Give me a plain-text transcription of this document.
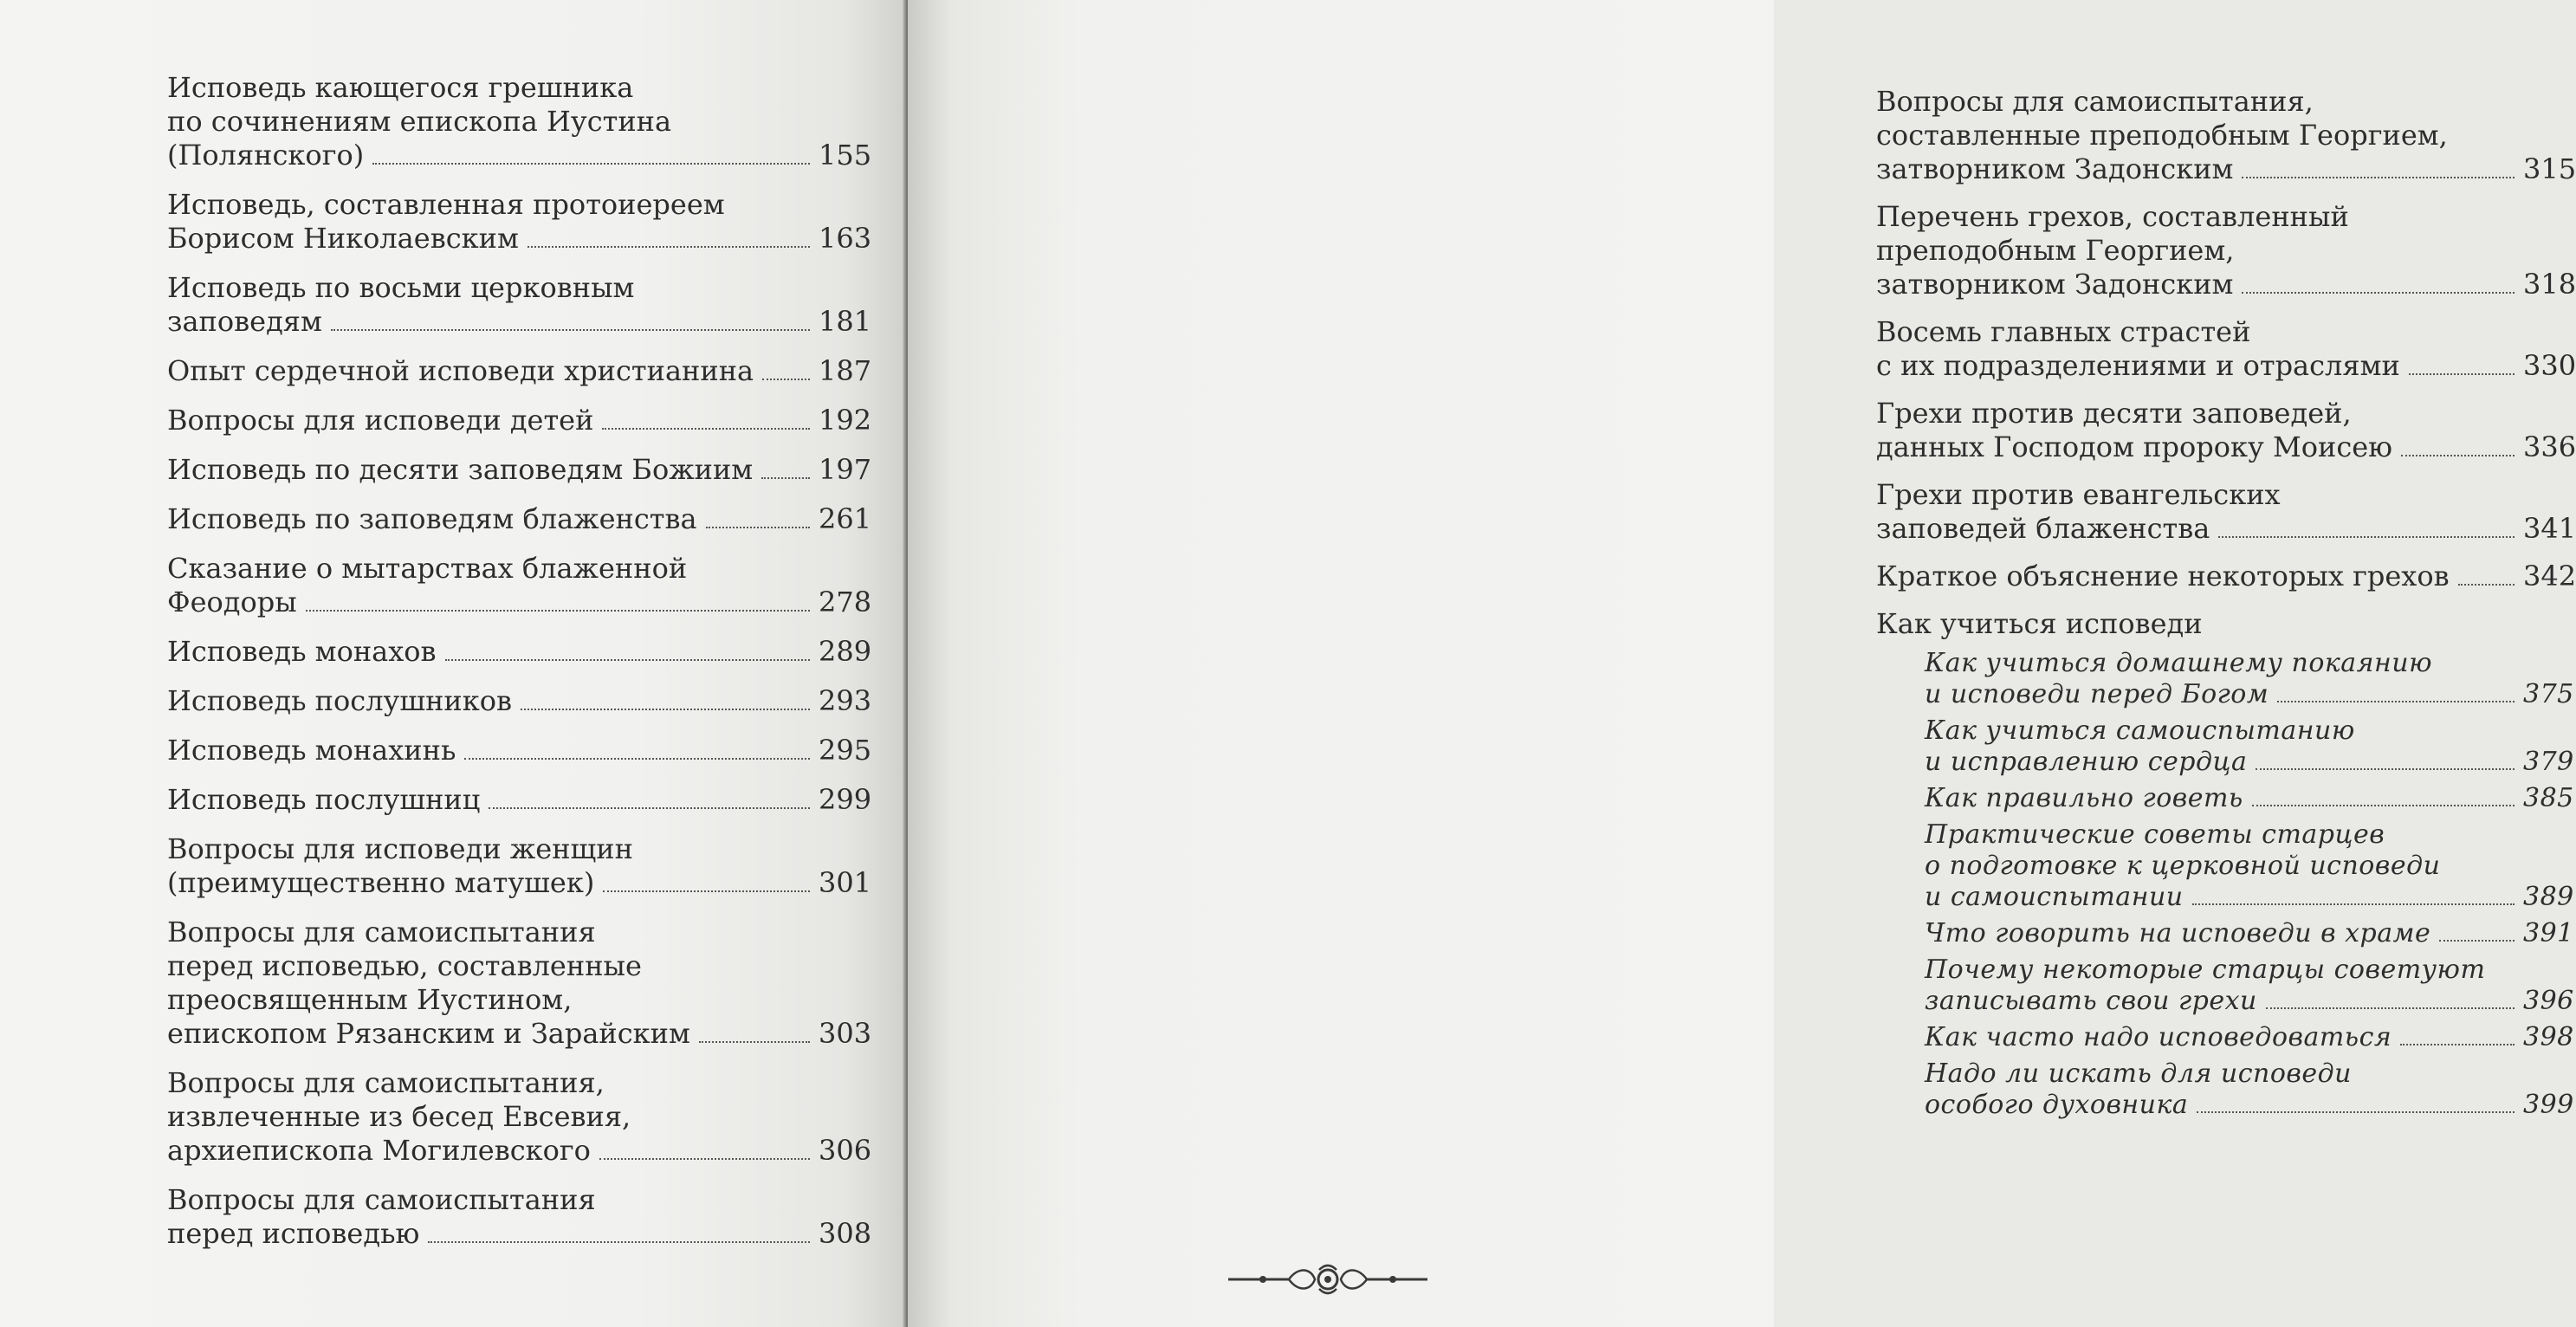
Исповедь кающегося грешника
по сочинениям епископа Иустина
(Полянского)	155
Исповедь, составленная протоиереем
Борисом Николаевским	163
Исповедь по восьми церковным
заповедям	181
Опыт сердечной исповеди христианина 187
Вопросы для исповеди детей	192
Исповедь по десяти заповедям Божиим 197
Исповедь по заповедям блаженства	261
Сказание о мытарствах блаженной
Феодоры	278
Исповедь монахов	289
Исповедь послушников	293
Исповедь монахинь	295
Исповедь послушниц	299
Вопросы для исповеди женщин
(преимущественно матушек)	301
Вопросы для самоиспытания
перед исповедью, составленные
преосвященным Иустином,
епископом Рязанским и Зарайским	303
Вопросы для самоиспытания,
извлеченные из бесед Евсевия,
архиепископа Могилевского	306
Вопросы для самоиспытания
перед исповедью	308
Вопросы для самоиспытания,
составленные преподобным Георгием,
затворником Задонским	315
Перечень грехов, составленный
преподобным Георгием,
затворником Задонским	318
Восемь главных страстей
с их подразделениями и отраслями	330
Грехи против десяти заповедей,
данных Господом пророку Моисею	336
Грехи против евангельских
заповедей блаженства	341
Краткое объяснение некоторых грехов	342
Как учиться исповеди
Как учиться домашнему покаянию
и исповеди перед Богом	375
Как учиться самоиспытанию
и исправлению сердца	379
Как правильно говеть	385
Практические советы старцев
о подготовке к церковной исповеди
и самоиспытании	389
Что говорить на исповеди в храме	391
Почему некоторые старцы советуют
записывать свои грехи	396
Как часто надо исповедоваться	398
Надо ли искать для исповеди
особого духовника	399
